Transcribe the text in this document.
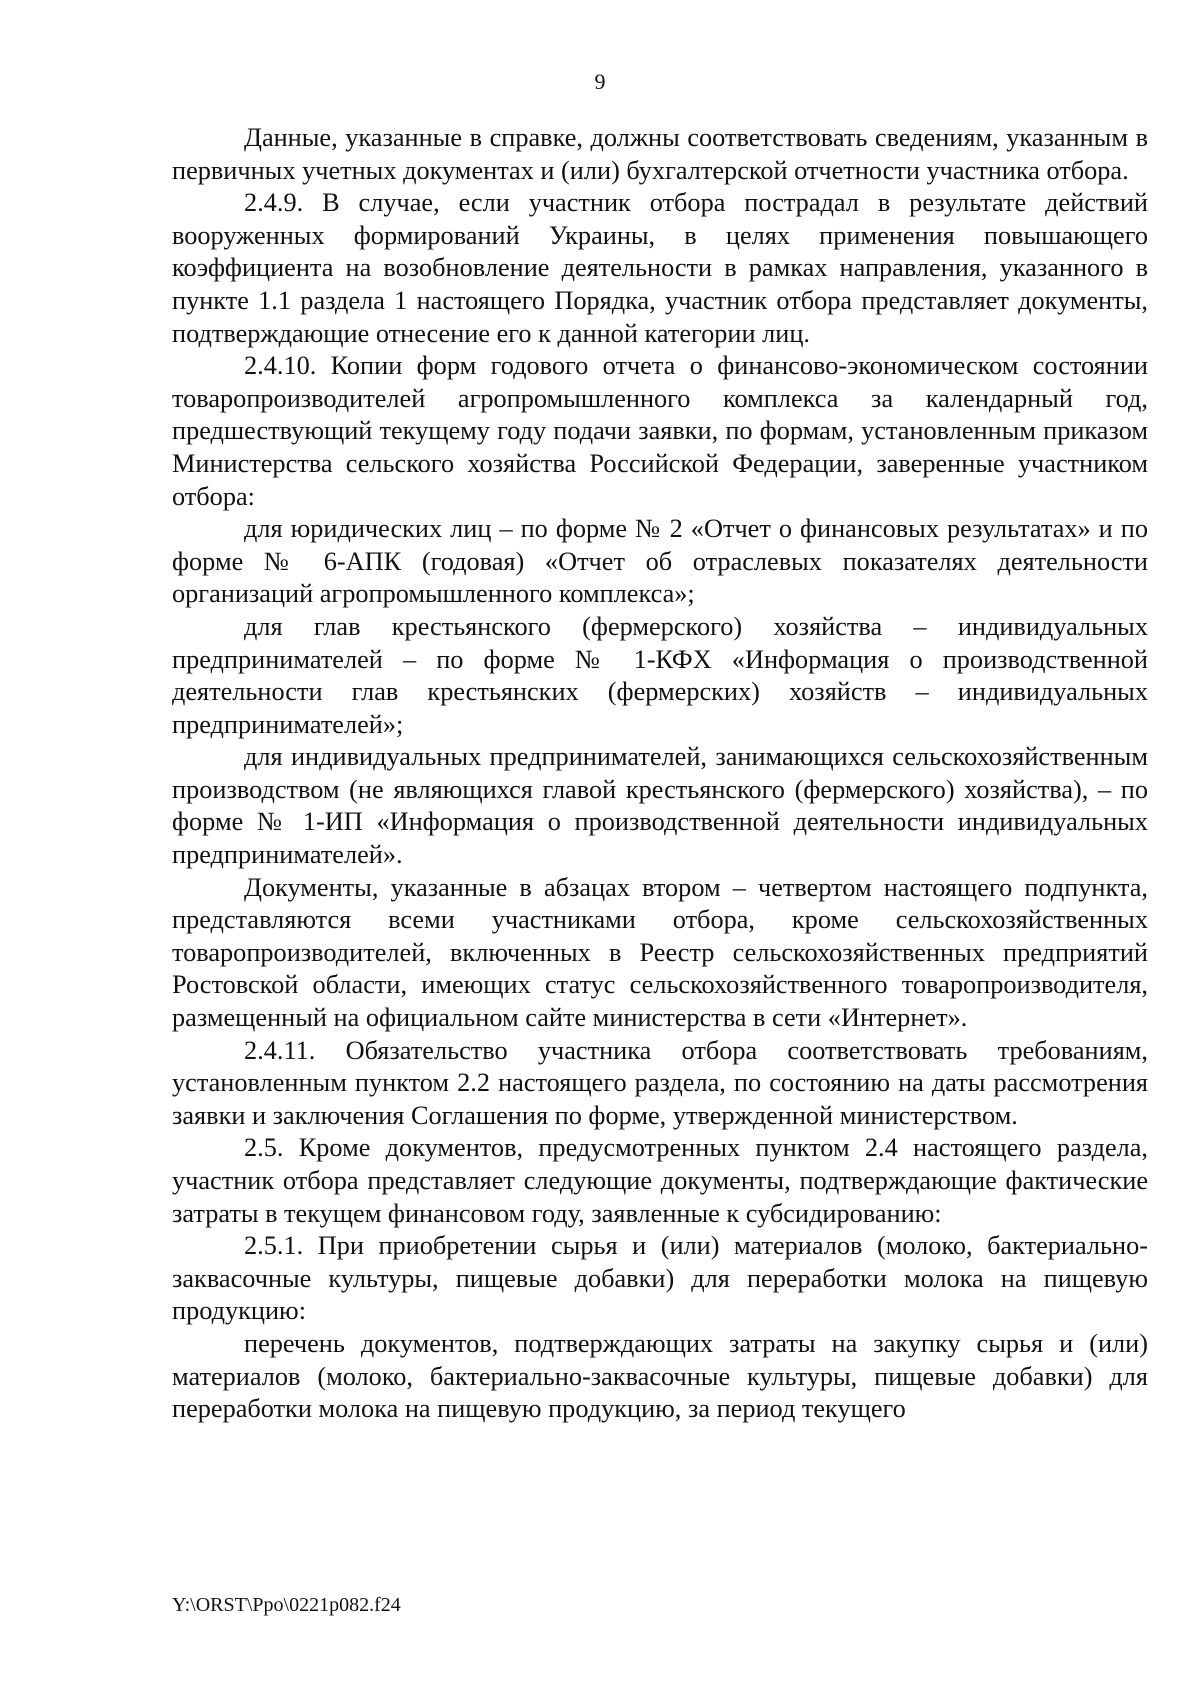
9

Данные, указанные в справке, должны соответствовать сведениям, указанным в первичных учетных документах и (или) бухгалтерской отчетности участника отбора.

2.4.9. В случае, если участник отбора пострадал в результате действий вооруженных формирований Украины, в целях применения повышающего коэффициента на возобновление деятельности в рамках направления, указанного в пункте 1.1 раздела 1 настоящего Порядка, участник отбора представляет документы, подтверждающие отнесение его к данной категории лиц.

2.4.10. Копии форм годового отчета о финансово-экономическом состоянии товаропроизводителей агропромышленного комплекса за календарный год, предшествующий текущему году подачи заявки, по формам, установленным приказом Министерства сельского хозяйства Российской Федерации, заверенные участником отбора:

для юридических лиц – по форме № 2 «Отчет о финансовых результатах» и по форме № 6-АПК (годовая) «Отчет об отраслевых показателях деятельности организаций агропромышленного комплекса»;

для глав крестьянского (фермерского) хозяйства – индивидуальных предпринимателей – по форме № 1-КФХ «Информация о производственной деятельности глав крестьянских (фермерских) хозяйств – индивидуальных предпринимателей»;

для индивидуальных предпринимателей, занимающихся сельскохозяйственным производством (не являющихся главой крестьянского (фермерского) хозяйства), – по форме № 1-ИП «Информация о производственной деятельности индивидуальных предпринимателей».

Документы, указанные в абзацах втором – четвертом настоящего подпункта, представляются всеми участниками отбора, кроме сельскохозяйственных товаропроизводителей, включенных в Реестр сельскохозяйственных предприятий Ростовской области, имеющих статус сельскохозяйственного товаропроизводителя, размещенный на официальном сайте министерства в сети «Интернет».

2.4.11. Обязательство участника отбора соответствовать требованиям, установленным пунктом 2.2 настоящего раздела, по состоянию на даты рассмотрения заявки и заключения Соглашения по форме, утвержденной министерством.

2.5. Кроме документов, предусмотренных пунктом 2.4 настоящего раздела, участник отбора представляет следующие документы, подтверждающие фактические затраты в текущем финансовом году, заявленные к субсидированию:

2.5.1. При приобретении сырья и (или) материалов (молоко, бактериально-заквасочные культуры, пищевые добавки) для переработки молока на пищевую продукцию:

перечень документов, подтверждающих затраты на закупку сырья и (или) материалов (молоко, бактериально-заквасочные культуры, пищевые добавки) для переработки молока на пищевую продукцию, за период текущего

Y:\ORST\Ppo\0221p082.f24
